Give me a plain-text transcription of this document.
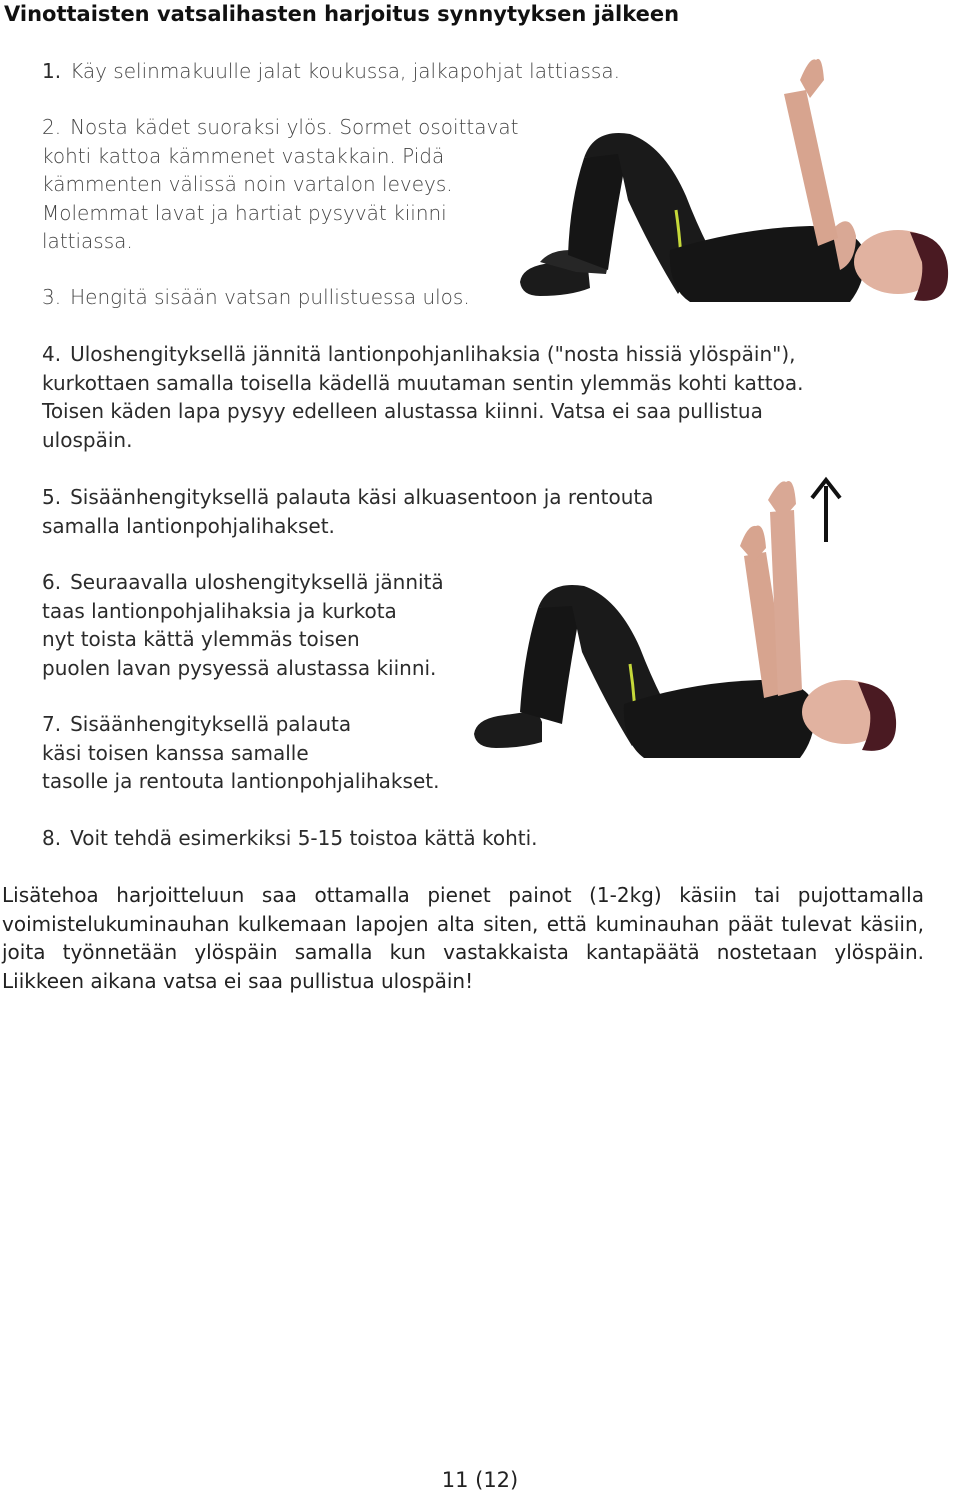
Vinottaisten vatsalihasten harjoitus synnytyksen jälkeen

1. Käy selinmakuulle jalat koukussa, jalkapohjat lattiassa.

2. Nosta kädet suoraksi ylös. Sormet osoittavat
kohti kattoa kämmenet vastakkain. Pidä
kämmenten välissä noin vartalon leveys.
Molemmat lavat ja hartiat pysyvät kiinni
lattiassa.

3. Hengitä sisään vatsan pullistuessa ulos.

4. Uloshengityksellä jännitä lantionpohjanlihaksia ("nosta hissiä ylöspäin"),
kurkottaen samalla toisella kädellä muutaman sentin ylemmäs kohti kattoa.
Toisen käden lapa pysyy edelleen alustassa kiinni. Vatsa ei saa pullistua
ulospäin.
5. Sisäänhengityksellä palauta käsi alkuasentoon ja rentouta
samalla lantionpohjalihakset.
6. Seuraavalla uloshengityksellä jännitä
taas lantionpohjalihaksia ja kurkota
nyt toista kättä ylemmäs toisen
puolen lavan pysyessä alustassa kiinni.
7. Sisäänhengityksellä palauta
käsi toisen kanssa samalle
tasolle ja rentouta lantionpohjalihakset.

8. Voit tehdä esimerkiksi 5-15 toistoa kättä kohti.

Lisätehoa harjoitteluun saa ottamalla pienet painot (1-2kg) käsiin tai pujottamalla voimistelukuminauhan kulkemaan lapojen alta siten, että kuminauhan päät tulevat käsiin, joita työnnetään ylöspäin samalla kun vastakkaista kantapäätä nostetaan ylöspäin. Liikkeen aikana vatsa ei saa pullistua ulospäin!

11 (12)
